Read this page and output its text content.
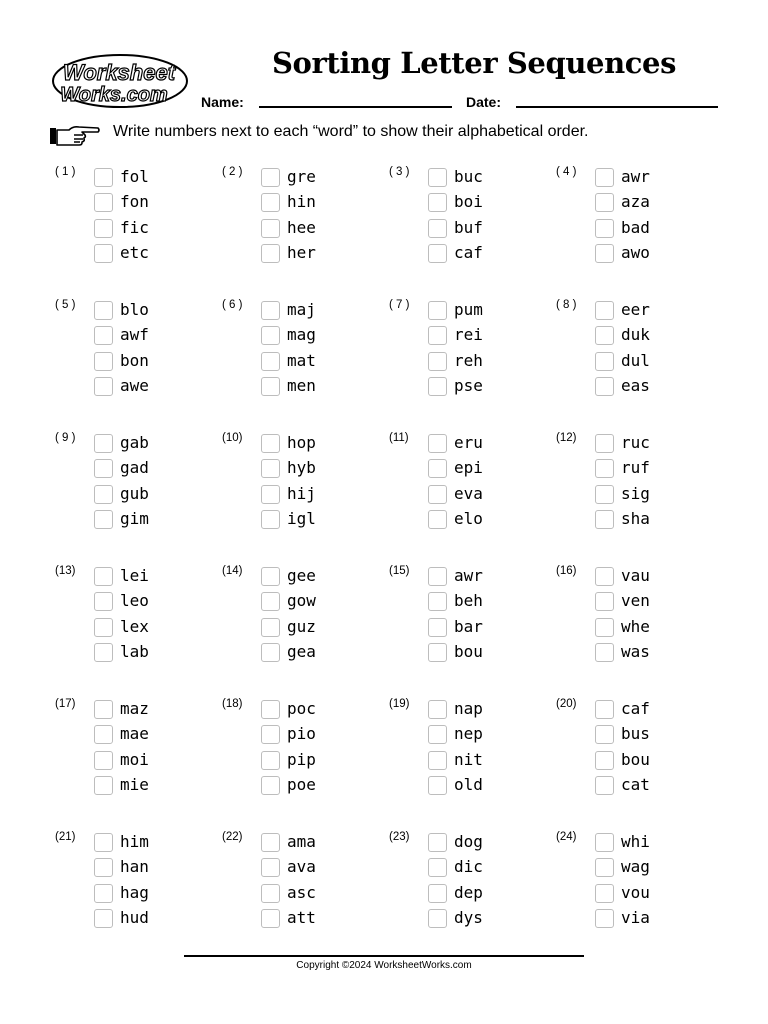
Worksheet
Works.com
Sorting Letter Sequences
Name:	Date:
Write numbers next to each “word” to show their alphabetical order.
( 1 )	fol
fon
fic
etc
( 2 )	gre
hin
hee
her
( 3 )	buc
boi
buf
caf
( 4 )	awr
aza
bad
awo
( 5 )	blo
awf
bon
awe
( 6 )	maj
mag
mat
men
( 7 )	pum
rei
reh
pse
( 8 )	eer
duk
dul
eas
( 9 )	gab
gad
gub
gim
(10)	hop
hyb
hij
igl
(11)	eru
epi
eva
elo
(12)	ruc
ruf
sig
sha
(13)	lei
leo
lex
lab
(14)	gee
gow
guz
gea
(15)	awr
beh
bar
bou
(16)	vau
ven
whe
was
(17)	maz
mae
moi
mie
(18)	poc
pio
pip
poe
(19)	nap
nep
nit
old
(20)	caf
bus
bou
cat
(21)	him
han
hag
hud
(22)	ama
ava
asc
att
(23)	dog
dic
dep
dys
(24)	whi
wag
vou
via
Copyright ©2024 WorksheetWorks.com
